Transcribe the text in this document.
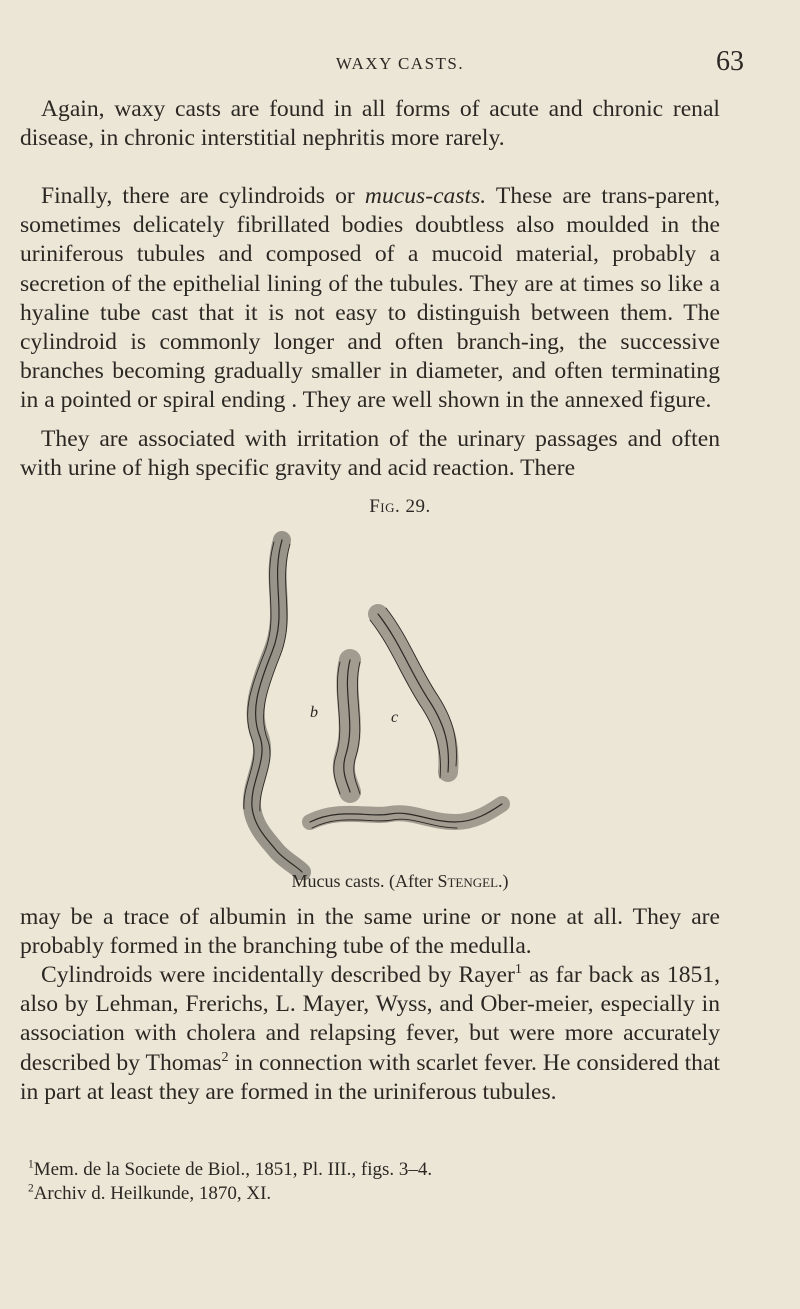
WAXY CASTS.	63

Again, waxy casts are found in all forms of acute and chronic renal disease, in chronic interstitial nephritis more rarely.

Finally, there are cylindroids or mucus-casts. These are trans-parent, sometimes delicately fibrillated bodies doubtless also moulded in the uriniferous tubules and composed of a mucoid material, probably a secretion of the epithelial lining of the tubules. They are at times so like a hyaline tube cast that it is not easy to distinguish between them. The cylindroid is commonly longer and often branch-ing, the successive branches becoming gradually smaller in diameter, and often terminating in a pointed or spiral ending . They are well shown in the annexed figure.

They are associated with irritation of the urinary passages and often with urine of high specific gravity and acid reaction. There

Fig. 29.
b	c
Mucus casts. (After Stengel.)

may be a trace of albumin in the same urine or none at all. They are probably formed in the branching tube of the medulla.

Cylindroids were incidentally described by Rayer$^1$ as far back as 1851, also by Lehman, Frerichs, L. Mayer, Wyss, and Ober-meier, especially in association with cholera and relapsing fever, but were more accurately described by Thomas$^2$ in connection with scarlet fever. He considered that in part at least they are formed in the uriniferous tubules.

$^1$Mem. de la Societe de Biol., 1851, Pl. III., figs. 3–4.
$^2$Archiv d. Heilkunde, 1870, XI.
